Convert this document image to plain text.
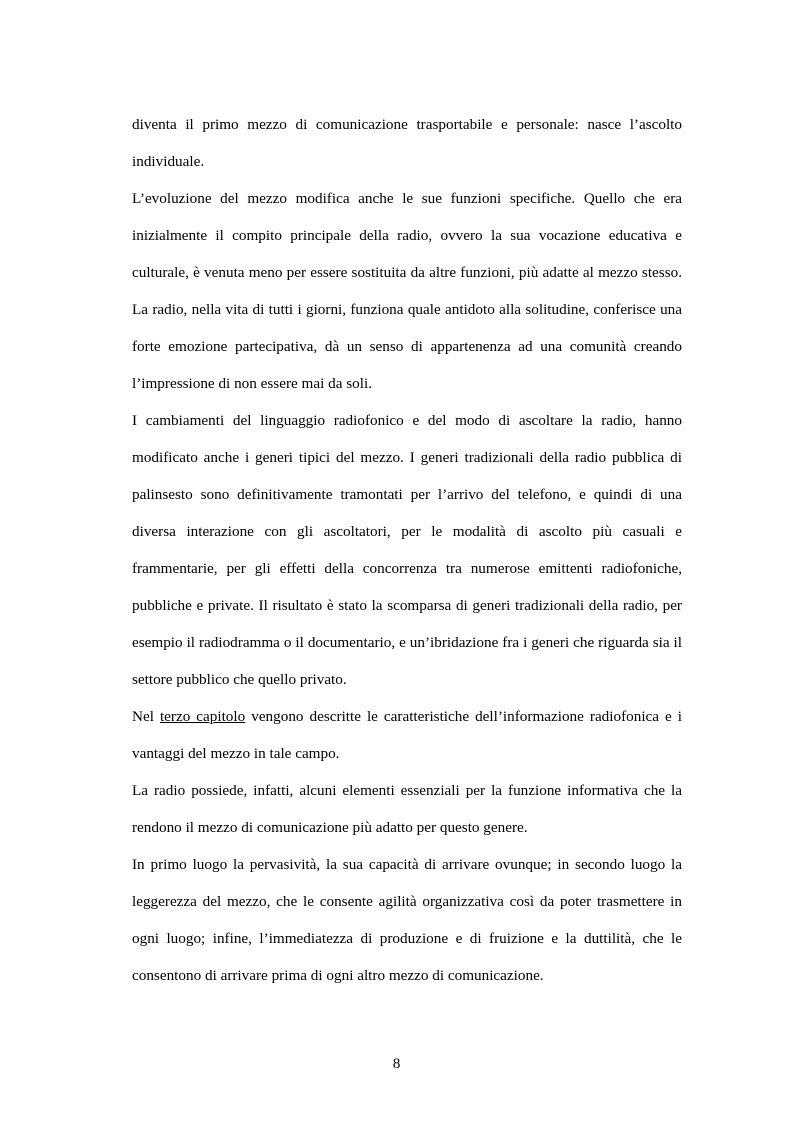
diventa il primo mezzo di comunicazione trasportabile e personale: nasce l’ascolto individuale.

L’evoluzione del mezzo modifica anche le sue funzioni specifiche. Quello che era inizialmente il compito principale della radio, ovvero la sua vocazione educativa e culturale, è venuta meno per essere sostituita da altre funzioni, più adatte al mezzo stesso. La radio, nella vita di tutti i giorni, funziona quale antidoto alla solitudine, conferisce una forte emozione partecipativa, dà un senso di appartenenza ad una comunità creando l’impressione di non essere mai da soli.

I cambiamenti del linguaggio radiofonico e del modo di ascoltare la radio, hanno modificato anche i generi tipici del mezzo. I generi tradizionali della radio pubblica di palinsesto sono definitivamente tramontati per l’arrivo del telefono, e quindi di una diversa interazione con gli ascoltatori, per le modalità di ascolto più casuali e frammentarie, per gli effetti della concorrenza tra numerose emittenti radiofoniche, pubbliche e private. Il risultato è stato la scomparsa di generi tradizionali della radio, per esempio il radiodramma o il documentario, e un’ibridazione fra i generi che riguarda sia il settore pubblico che quello privato.

Nel terzo capitolo vengono descritte le caratteristiche dell’informazione radiofonica e i vantaggi del mezzo in tale campo.

La radio possiede, infatti, alcuni elementi essenziali per la funzione informativa che la rendono il mezzo di comunicazione più adatto per questo genere.

In primo luogo la pervasività, la sua capacità di arrivare ovunque; in secondo luogo la leggerezza del mezzo, che le consente agilità organizzativa così da poter trasmettere in ogni luogo; infine, l’immediatezza di produzione e di fruizione e la duttilità, che le consentono di arrivare prima di ogni altro mezzo di comunicazione.

8
